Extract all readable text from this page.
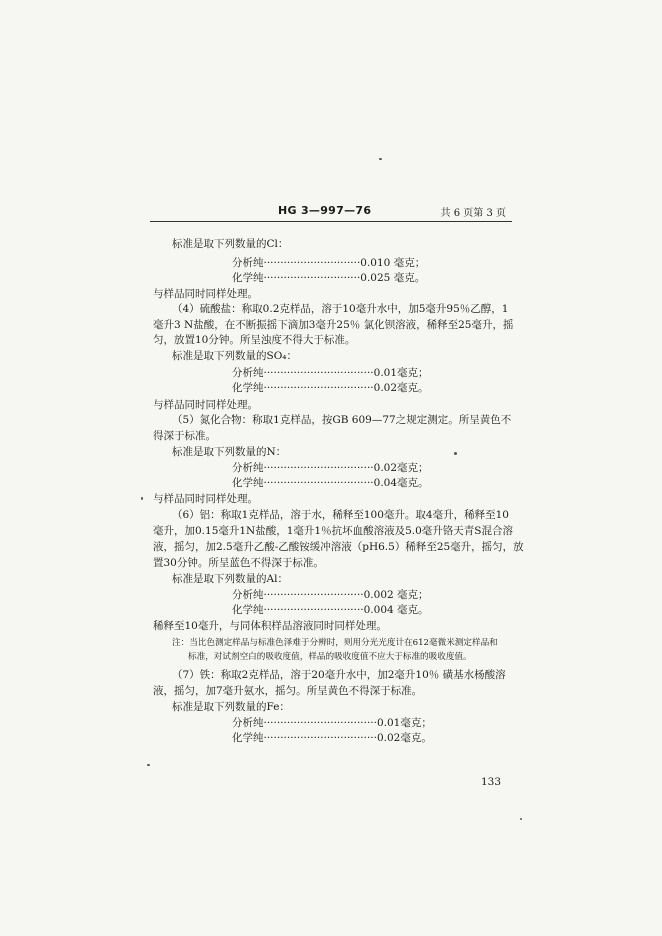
HG 3—997—76	共 6 页第 3 页
标准是取下列数量的Cl：
分析纯·····························0.010 毫克；
化学纯·····························0.025 毫克。
与样品同时同样处理。
（4）硫酸盐：称取0.2克样品，溶于10毫升水中，加5毫升95％乙醇，1
毫升3 N盐酸，在不断振摇下滴加3毫升25％ 氯化钡溶液，稀释至25毫升，摇
匀，放置10分钟。所呈浊度不得大于标准。
标准是取下列数量的SO₄：
分析纯·································0.01毫克；
化学纯·································0.02毫克。
与样品同时同样处理。
（5）氮化合物：称取1克样品，按GB 609—77之规定测定。所呈黄色不
得深于标准。
标准是取下列数量的N：
分析纯·································0.02毫克；
化学纯·································0.04毫克。
与样品同时同样处理。
（6）铝：称取1克样品，溶于水，稀释至100毫升。取4毫升，稀释至10
毫升，加0.15毫升1N盐酸，1毫升1％抗坏血酸溶液及5.0毫升铬天青S混合溶
液，摇匀，加2.5毫升乙酸-乙酸铵缓冲溶液（pH6.5）稀释至25毫升，摇匀，放
置30分钟。所呈蓝色不得深于标准。
标准是取下列数量的Al：
分析纯······························0.002 毫克；
化学纯······························0.004 毫克。
稀释至10毫升，与同体积样品溶液同时同样处理。
注：当比色测定样品与标准色泽难于分辨时，则用分光光度计在612毫微米测定样品和
标准，对试剂空白的吸收度值，样品的吸收度值不应大于标准的吸收度值。
（7）铁：称取2克样品，溶于20毫升水中，加2毫升10％ 磺基水杨酸溶
液，摇匀，加7毫升氨水，摇匀。所呈黄色不得深于标准。
标准是取下列数量的Fe：
分析纯··································0.01毫克；
化学纯··································0.02毫克。
133
